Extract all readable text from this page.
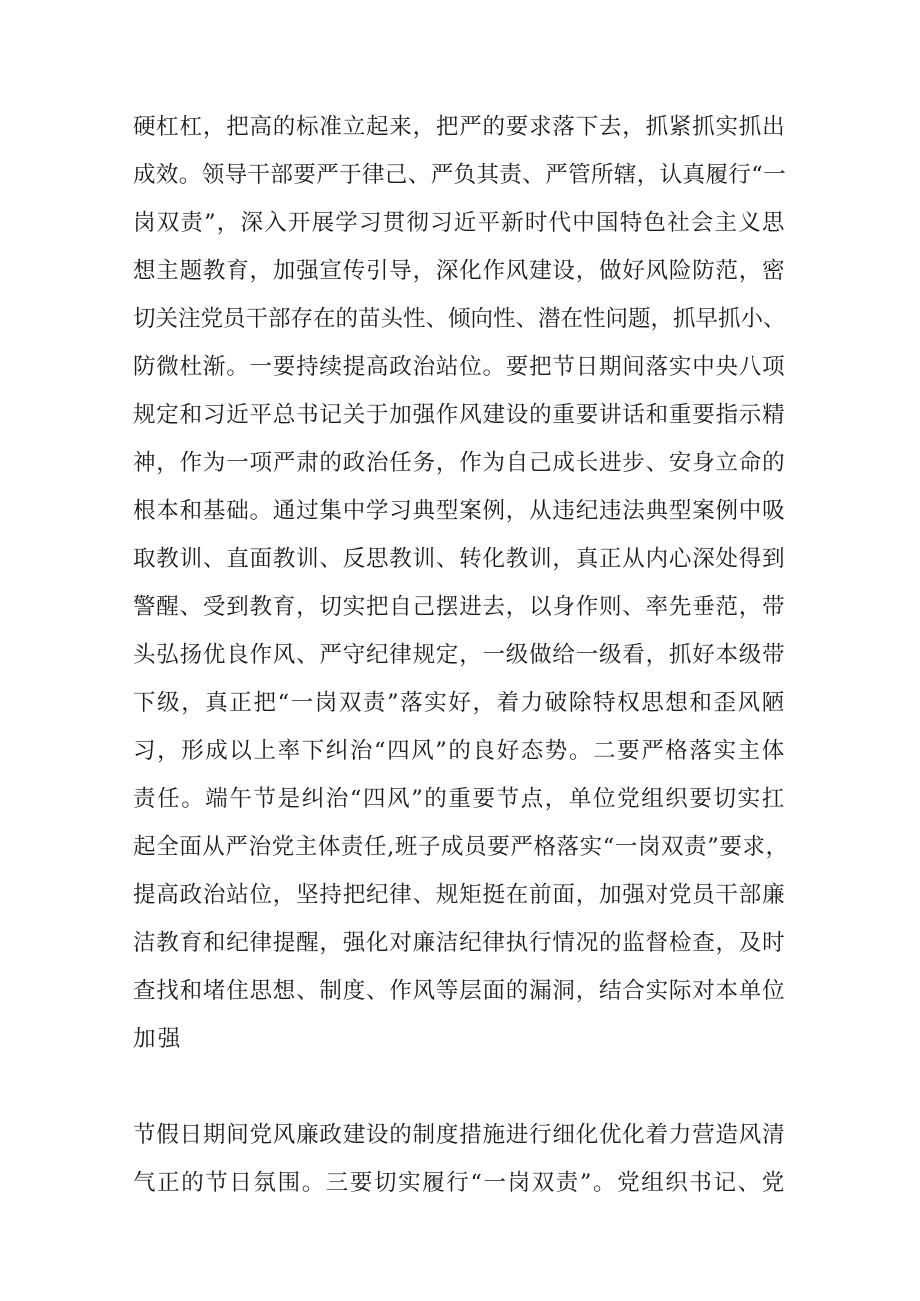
硬杠杠，把高的标准立起来，把严的要求落下去，抓紧抓实抓出
成效。领导干部要严于律己、严负其责、严管所辖，认真履行“一
岗双责”，深入开展学习贯彻习近平新时代中国特色社会主义思
想主题教育，加强宣传引导，深化作风建设，做好风险防范，密
切关注党员干部存在的苗头性、倾向性、潜在性问题，抓早抓小、
防微杜渐。一要持续提高政治站位。要把节日期间落实中央八项
规定和习近平总书记关于加强作风建设的重要讲话和重要指示精
神，作为一项严肃的政治任务，作为自己成长进步、安身立命的
根本和基础。通过集中学习典型案例，从违纪违法典型案例中吸
取教训、直面教训、反思教训、转化教训，真正从内心深处得到
警醒、受到教育，切实把自己摆进去，以身作则、率先垂范，带
头弘扬优良作风、严守纪律规定，一级做给一级看，抓好本级带
下级，真正把“一岗双责”落实好，着力破除特权思想和歪风陋
习，形成以上率下纠治“四风”的良好态势。二要严格落实主体
责任。端午节是纠治“四风”的重要节点，单位党组织要切实扛
起全面从严治党主体责任,班子成员要严格落实“一岗双责”要求，
提高政治站位，坚持把纪律、规矩挺在前面，加强对党员干部廉
洁教育和纪律提醒，强化对廉洁纪律执行情况的监督检查，及时
查找和堵住思想、制度、作风等层面的漏洞，结合实际对本单位
加强
节假日期间党风廉政建设的制度措施进行细化优化着力营造风清
气正的节日氛围。三要切实履行“一岗双责”。党组织书记、党
